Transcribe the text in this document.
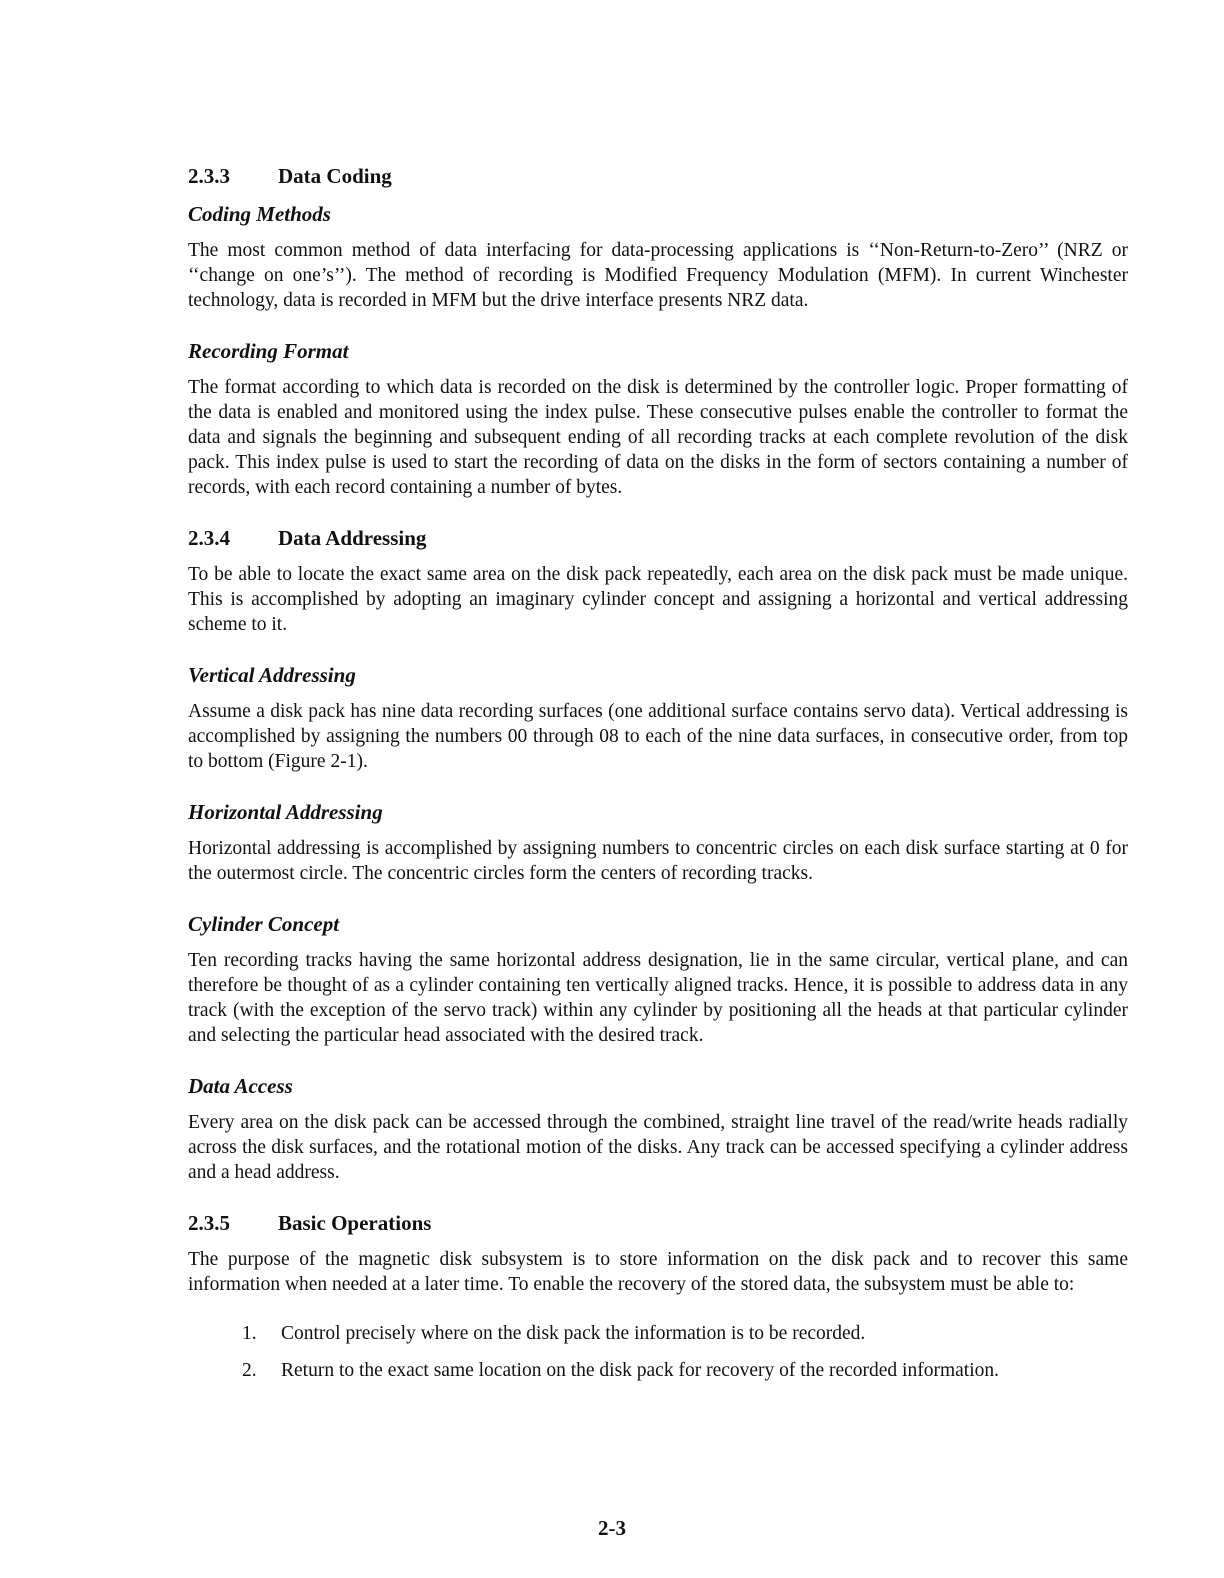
2.3.3 Data Coding
Coding Methods

The most common method of data interfacing for data-processing applications is ‘‘Non-Return-to-Zero’’ (NRZ or ‘‘change on one’s’’). The method of recording is Modified Frequency Modulation (MFM). In current Winchester technology, data is recorded in MFM but the drive interface presents NRZ data.

Recording Format

The format according to which data is recorded on the disk is determined by the controller logic. Proper formatting of the data is enabled and monitored using the index pulse. These consecutive pulses enable the controller to format the data and signals the beginning and subsequent ending of all recording tracks at each complete revolution of the disk pack. This index pulse is used to start the recording of data on the disks in the form of sectors containing a number of records, with each record containing a number of bytes.

2.3.4 Data Addressing

To be able to locate the exact same area on the disk pack repeatedly, each area on the disk pack must be made unique. This is accomplished by adopting an imaginary cylinder concept and assigning a horizontal and vertical addressing scheme to it.

Vertical Addressing

Assume a disk pack has nine data recording surfaces (one additional surface contains servo data). Vertical addressing is accomplished by assigning the numbers 00 through 08 to each of the nine data surfaces, in consecutive order, from top to bottom (Figure 2-1).

Horizontal Addressing

Horizontal addressing is accomplished by assigning numbers to concentric circles on each disk surface starting at 0 for the outermost circle. The concentric circles form the centers of recording tracks.

Cylinder Concept

Ten recording tracks having the same horizontal address designation, lie in the same circular, vertical plane, and can therefore be thought of as a cylinder containing ten vertically aligned tracks. Hence, it is possible to address data in any track (with the exception of the servo track) within any cylinder by positioning all the heads at that particular cylinder and selecting the particular head associated with the desired track.

Data Access

Every area on the disk pack can be accessed through the combined, straight line travel of the read/write heads radially across the disk surfaces, and the rotational motion of the disks. Any track can be accessed specifying a cylinder address and a head address.

2.3.5 Basic Operations

The purpose of the magnetic disk subsystem is to store information on the disk pack and to recover this same information when needed at a later time. To enable the recovery of the stored data, the subsystem must be able to:

1. Control precisely where on the disk pack the information is to be recorded.
2. Return to the exact same location on the disk pack for recovery of the recorded information.
2-3
